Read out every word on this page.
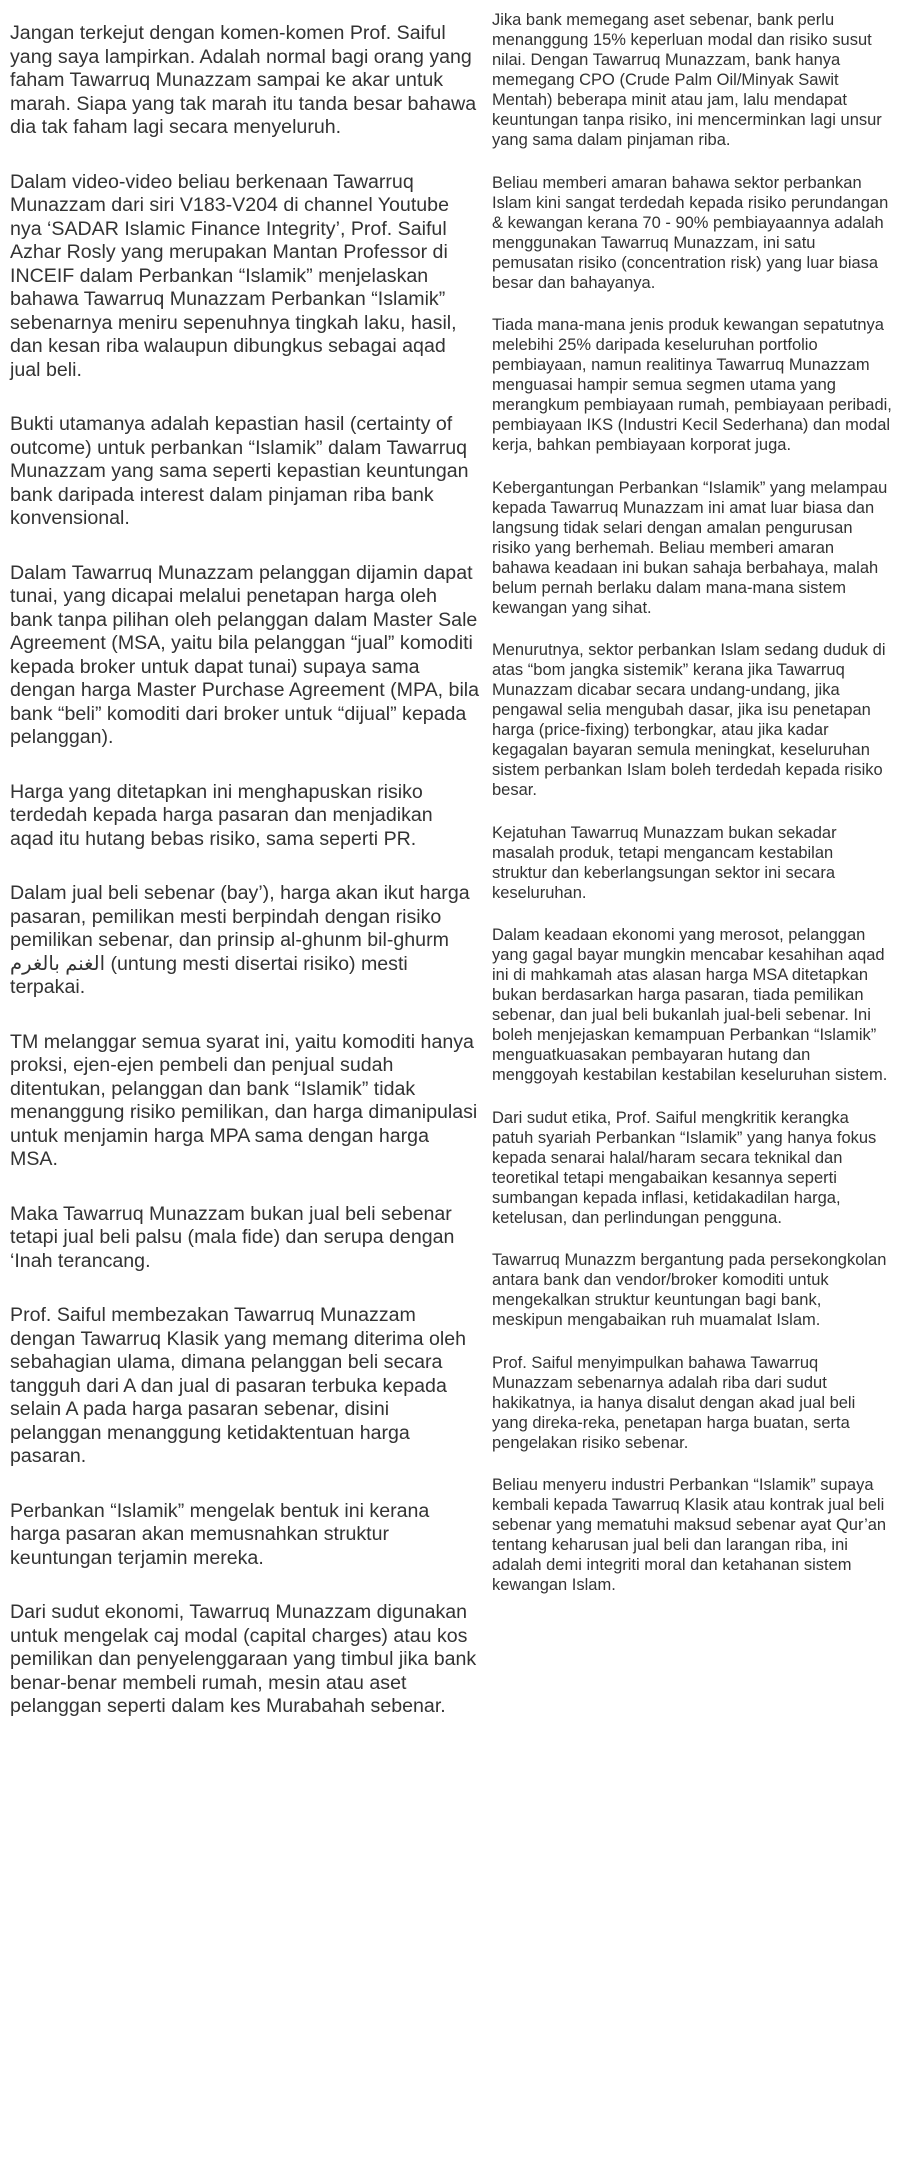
Jangan terkejut dengan komen-komen Prof. Saiful yang saya lampirkan. Adalah normal bagi orang yang faham Tawarruq Munazzam sampai ke akar untuk marah. Siapa yang tak marah itu tanda besar bahawa dia tak faham lagi secara menyeluruh.

Dalam video-video beliau berkenaan Tawarruq Munazzam dari siri V183-V204 di channel Youtube nya ‘SADAR Islamic Finance Integrity’, Prof. Saiful Azhar Rosly yang merupakan Mantan Professor di INCEIF dalam Perbankan “Islamik” menjelaskan bahawa Tawarruq Munazzam Perbankan “Islamik” sebenarnya meniru sepenuhnya tingkah laku, hasil, dan kesan riba walaupun dibungkus sebagai aqad jual beli.

Bukti utamanya adalah kepastian hasil (certainty of outcome) untuk perbankan “Islamik” dalam Tawarruq Munazzam yang sama seperti kepastian keuntungan bank daripada interest dalam pinjaman riba bank konvensional.

Dalam Tawarruq Munazzam pelanggan dijamin dapat tunai, yang dicapai melalui penetapan harga oleh bank tanpa pilihan oleh pelanggan dalam Master Sale Agreement (MSA, yaitu bila pelanggan “jual” komoditi kepada broker untuk dapat tunai) supaya sama dengan harga Master Purchase Agreement (MPA, bila bank “beli” komoditi dari broker untuk “dijual” kepada pelanggan).

Harga yang ditetapkan ini menghapuskan risiko terdedah kepada harga pasaran dan menjadikan aqad itu hutang bebas risiko, sama seperti PR.

Dalam jual beli sebenar (bay’), harga akan ikut harga pasaran, pemilikan mesti berpindah dengan risiko pemilikan sebenar, dan prinsip al-ghunm bil-ghurm الغنم بالغرم (untung mesti disertai risiko) mesti terpakai.

TM melanggar semua syarat ini, yaitu komoditi hanya proksi, ejen-ejen pembeli dan penjual sudah ditentukan, pelanggan dan bank “Islamik” tidak menanggung risiko pemilikan, dan harga dimanipulasi untuk menjamin harga MPA sama dengan harga MSA.

Maka Tawarruq Munazzam bukan jual beli sebenar tetapi jual beli palsu (mala fide) dan serupa dengan ‘Inah terancang.

Prof. Saiful membezakan Tawarruq Munazzam dengan Tawarruq Klasik yang memang diterima oleh sebahagian ulama, dimana pelanggan beli secara tangguh dari A dan jual di pasaran terbuka kepada selain A pada harga pasaran sebenar, disini pelanggan menanggung ketidaktentuan harga pasaran.

Perbankan “Islamik” mengelak bentuk ini kerana harga pasaran akan memusnahkan struktur keuntungan terjamin mereka.

Dari sudut ekonomi, Tawarruq Munazzam digunakan untuk mengelak caj modal (capital charges) atau kos pemilikan dan penyelenggaraan yang timbul jika bank benar-benar membeli rumah, mesin atau aset pelanggan seperti dalam kes Murabahah sebenar.

Jika bank memegang aset sebenar, bank perlu menanggung 15% keperluan modal dan risiko susut nilai. Dengan Tawarruq Munazzam, bank hanya memegang CPO (Crude Palm Oil/Minyak Sawit Mentah) beberapa minit atau jam, lalu mendapat keuntungan tanpa risiko, ini mencerminkan lagi unsur yang sama dalam pinjaman riba.

Beliau memberi amaran bahawa sektor perbankan Islam kini sangat terdedah kepada risiko perundangan & kewangan kerana 70 - 90% pembiayaannya adalah menggunakan Tawarruq Munazzam, ini satu pemusatan risiko (concentration risk) yang luar biasa besar dan bahayanya.

Tiada mana-mana jenis produk kewangan sepatutnya melebihi 25% daripada keseluruhan portfolio pembiayaan, namun realitinya Tawarruq Munazzam menguasai hampir semua segmen utama yang merangkum pembiayaan rumah, pembiayaan peribadi, pembiayaan IKS (Industri Kecil Sederhana) dan modal kerja, bahkan pembiayaan korporat juga.

Kebergantungan Perbankan “Islamik” yang melampau kepada Tawarruq Munazzam ini amat luar biasa dan langsung tidak selari dengan amalan pengurusan risiko yang berhemah. Beliau memberi amaran bahawa keadaan ini bukan sahaja berbahaya, malah belum pernah berlaku dalam mana-mana sistem kewangan yang sihat.

Menurutnya, sektor perbankan Islam sedang duduk di atas “bom jangka sistemik” kerana jika Tawarruq Munazzam dicabar secara undang-undang, jika pengawal selia mengubah dasar, jika isu penetapan harga (price-fixing) terbongkar, atau jika kadar kegagalan bayaran semula meningkat, keseluruhan sistem perbankan Islam boleh terdedah kepada risiko besar.

Kejatuhan Tawarruq Munazzam bukan sekadar masalah produk, tetapi mengancam kestabilan struktur dan keberlangsungan sektor ini secara keseluruhan.

Dalam keadaan ekonomi yang merosot, pelanggan yang gagal bayar mungkin mencabar kesahihan aqad ini di mahkamah atas alasan harga MSA ditetapkan bukan berdasarkan harga pasaran, tiada pemilikan sebenar, dan jual beli bukanlah jual-beli sebenar. Ini boleh menjejaskan kemampuan Perbankan “Islamik” menguatkuasakan pembayaran hutang dan menggoyah kestabilan kestabilan keseluruhan sistem.

Dari sudut etika, Prof. Saiful mengkritik kerangka patuh syariah Perbankan “Islamik” yang hanya fokus kepada senarai halal/haram secara teknikal dan teoretikal tetapi mengabaikan kesannya seperti sumbangan kepada inflasi, ketidakadilan harga, ketelusan, dan perlindungan pengguna.

Tawarruq Munazzm bergantung pada persekongkolan antara bank dan vendor/broker komoditi untuk mengekalkan struktur keuntungan bagi bank, meskipun mengabaikan ruh muamalat Islam.

Prof. Saiful menyimpulkan bahawa Tawarruq Munazzam sebenarnya adalah riba dari sudut hakikatnya, ia hanya disalut dengan akad jual beli yang direka-reka, penetapan harga buatan, serta pengelakan risiko sebenar.

Beliau menyeru industri Perbankan “Islamik” supaya kembali kepada Tawarruq Klasik atau kontrak jual beli sebenar yang mematuhi maksud sebenar ayat Qur’an tentang keharusan jual beli dan larangan riba, ini adalah demi integriti moral dan ketahanan sistem kewangan Islam.
